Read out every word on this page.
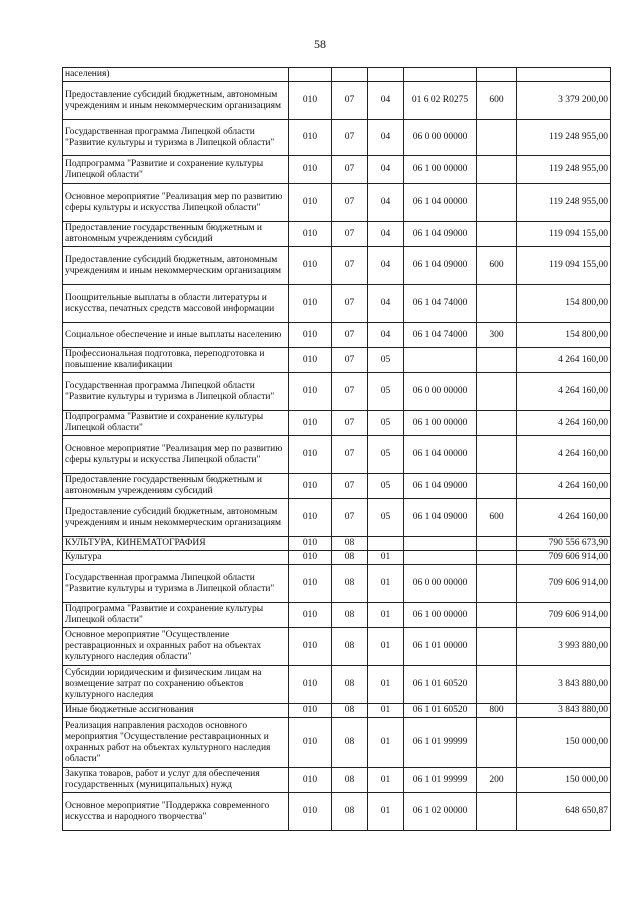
58
населения)						
Предоставление субсидий бюджетным, автономным учреждениям и иным некоммерческим организациям	010	07	04	01 6 02 R0275	600	3 379 200,00
Государственная программа Липецкой области "Развитие культуры и туризма в Липецкой области"	010	07	04	06 0 00 00000		119 248 955,00
Подпрограмма "Развитие и сохранение культуры Липецкой области"	010	07	04	06 1 00 00000		119 248 955,00
Основное мероприятие "Реализация мер по развитию сферы культуры и искусства Липецкой области"	010	07	04	06 1 04 00000		119 248 955,00
Предоставление государственным бюджетным и автономным учреждениям субсидий	010	07	04	06 1 04 09000		119 094 155,00
Предоставление субсидий бюджетным, автономным учреждениям и иным некоммерческим организациям	010	07	04	06 1 04 09000	600	119 094 155,00
Поощрительные выплаты в области литературы и искусства, печатных средств массовой информации	010	07	04	06 1 04 74000		154 800,00
Социальное обеспечение и иные выплаты населению	010	07	04	06 1 04 74000	300	154 800,00
Профессиональная подготовка, переподготовка и повышение квалификации	010	07	05			4 264 160,00
Государственная программа Липецкой области "Развитие культуры и туризма в Липецкой области"	010	07	05	06 0 00 00000		4 264 160,00
Подпрограмма "Развитие и сохранение культуры Липецкой области"	010	07	05	06 1 00 00000		4 264 160,00
Основное мероприятие "Реализация мер по развитию сферы культуры и искусства Липецкой области"	010	07	05	06 1 04 00000		4 264 160,00
Предоставление государственным бюджетным и автономным учреждениям субсидий	010	07	05	06 1 04 09000		4 264 160,00
Предоставление субсидий бюджетным, автономным учреждениям и иным некоммерческим организациям	010	07	05	06 1 04 09000	600	4 264 160,00
КУЛЬТУРА, КИНЕМАТОГРАФИЯ	010	08				790 556 673,90
Культура	010	08	01			709 606 914,00
Государственная программа Липецкой области "Развитие культуры и туризма в Липецкой области"	010	08	01	06 0 00 00000		709 606 914,00
Подпрограмма "Развитие и сохранение культуры Липецкой области"	010	08	01	06 1 00 00000		709 606 914,00
Основное мероприятие "Осуществление реставрационных и охранных работ на объектах культурного наследия области"	010	08	01	06 1 01 00000		3 993 880,00
Субсидии юридическим и физическим лицам на возмещение затрат по сохранению объектов культурного наследия	010	08	01	06 1 01 60520		3 843 880,00
Иные бюджетные ассигнования	010	08	01	06 1 01 60520	800	3 843 880,00
Реализация направления расходов основного мероприятия "Осуществление реставрационных и охранных работ на объектах культурного наследия области"	010	08	01	06 1 01 99999		150 000,00
Закупка товаров, работ и услуг для обеспечения государственных (муниципальных) нужд	010	08	01	06 1 01 99999	200	150 000,00
Основное мероприятие "Поддержка современного искусства и народного творчества"	010	08	01	06 1 02 00000		648 650,87
